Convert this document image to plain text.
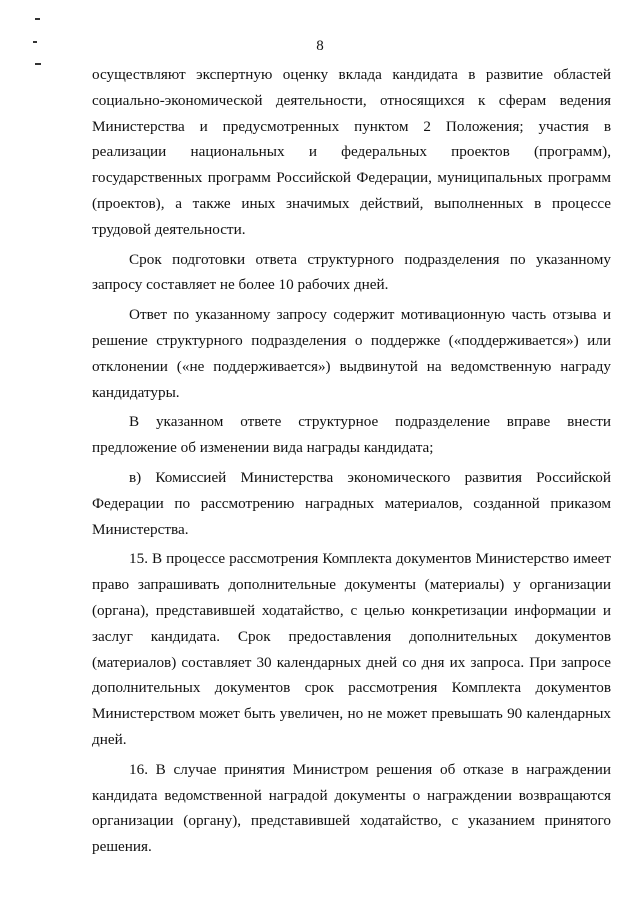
8

осуществляют экспертную оценку вклада кандидата в развитие областей социально-экономической деятельности, относящихся к сферам ведения Министерства и предусмотренных пунктом 2 Положения; участия в реализации национальных и федеральных проектов (программ), государственных программ Российской Федерации, муниципальных программ (проектов), а также иных значимых действий, выполненных в процессе трудовой деятельности.

Срок подготовки ответа структурного подразделения по указанному запросу составляет не более 10 рабочих дней.

Ответ по указанному запросу содержит мотивационную часть отзыва и решение структурного подразделения о поддержке («поддерживается») или отклонении («не поддерживается») выдвинутой на ведомственную награду кандидатуры.

В указанном ответе структурное подразделение вправе внести предложение об изменении вида награды кандидата;

в) Комиссией Министерства экономического развития Российской Федерации по рассмотрению наградных материалов, созданной приказом Министерства.

15. В процессе рассмотрения Комплекта документов Министерство имеет право запрашивать дополнительные документы (материалы) у организации (органа), представившей ходатайство, с целью конкретизации информации и заслуг кандидата. Срок предоставления дополнительных документов (материалов) составляет 30 календарных дней со дня их запроса. При запросе дополнительных документов срок рассмотрения Комплекта документов Министерством может быть увеличен, но не может превышать 90 календарных дней.

16. В случае принятия Министром решения об отказе в награждении кандидата ведомственной наградой документы о награждении возвращаются организации (органу), представившей ходатайство, с указанием принятого решения.
